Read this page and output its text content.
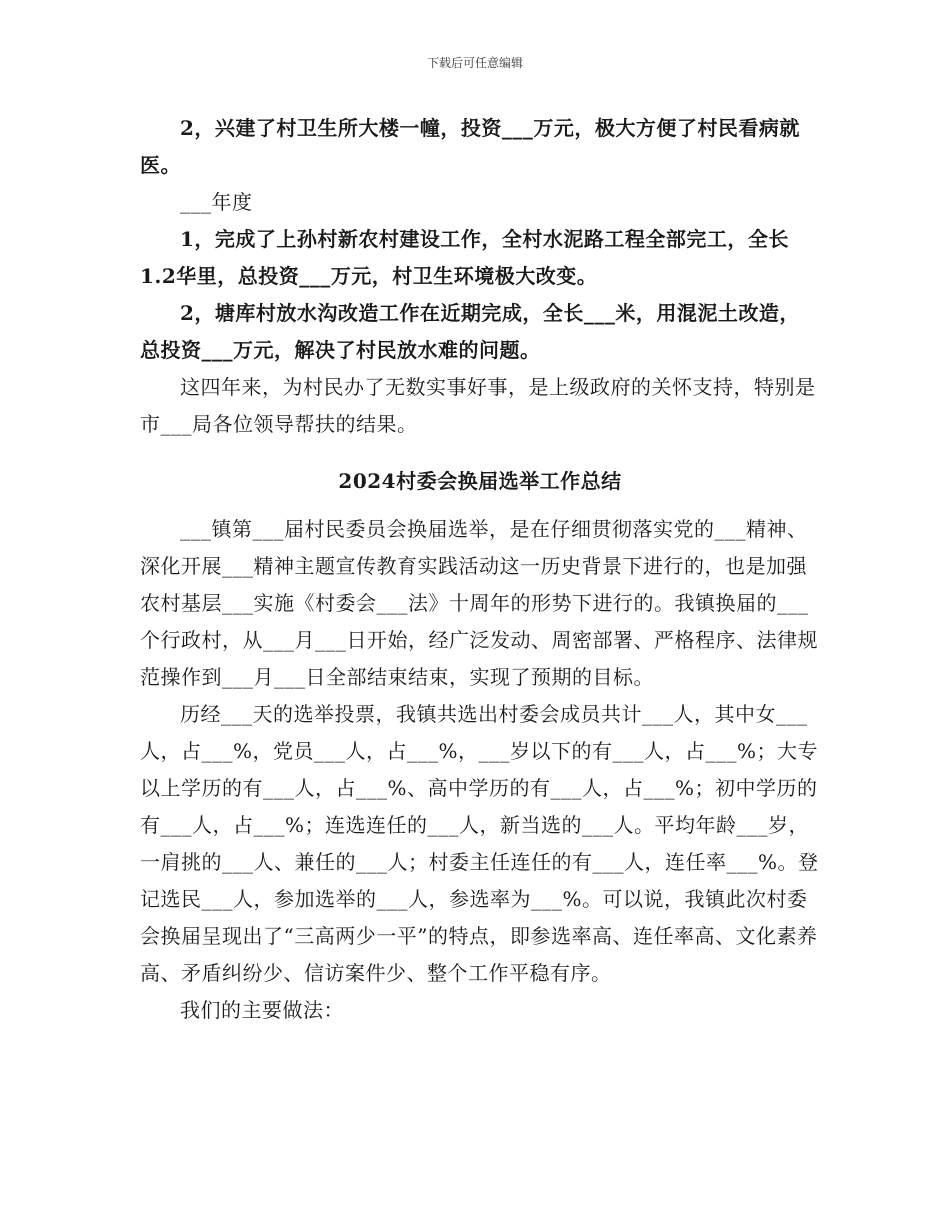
下载后可任意编辑

2，兴建了村卫生所大楼一幢，投资___万元，极大方便了村民看病就医。

___年度

1，完成了上孙村新农村建设工作，全村水泥路工程全部完工，全长1.2华里，总投资___万元，村卫生环境极大改变。

2，塘库村放水沟改造工作在近期完成，全长___米，用混泥土改造，总投资___万元，解决了村民放水难的问题。

这四年来，为村民办了无数实事好事，是上级政府的关怀支持，特别是市___局各位领导帮扶的结果。

2024村委会换届选举工作总结

___镇第___届村民委员会换届选举，是在仔细贯彻落实党的___精神、深化开展___精神主题宣传教育实践活动这一历史背景下进行的，也是加强农村基层___实施《村委会___法》十周年的形势下进行的。我镇换届的___个行政村，从___月___日开始，经广泛发动、周密部署、严格程序、法律规范操作到___月___日全部结束结束，实现了预期的目标。

历经___天的选举投票，我镇共选出村委会成员共计___人，其中女___人，占___%，党员___人，占___%，___岁以下的有___人，占___%；大专以上学历的有___人，占___%、高中学历的有___人，占___%；初中学历的有___人，占___%；连选连任的___人，新当选的___人。平均年龄___岁，一肩挑的___人、兼任的___人；村委主任连任的有___人，连任率___%。登记选民___人，参加选举的___人，参选率为___%。可以说，我镇此次村委会换届呈现出了“三高两少一平”的特点，即参选率高、连任率高、文化素养高、矛盾纠纷少、信访案件少、整个工作平稳有序。

我们的主要做法：
